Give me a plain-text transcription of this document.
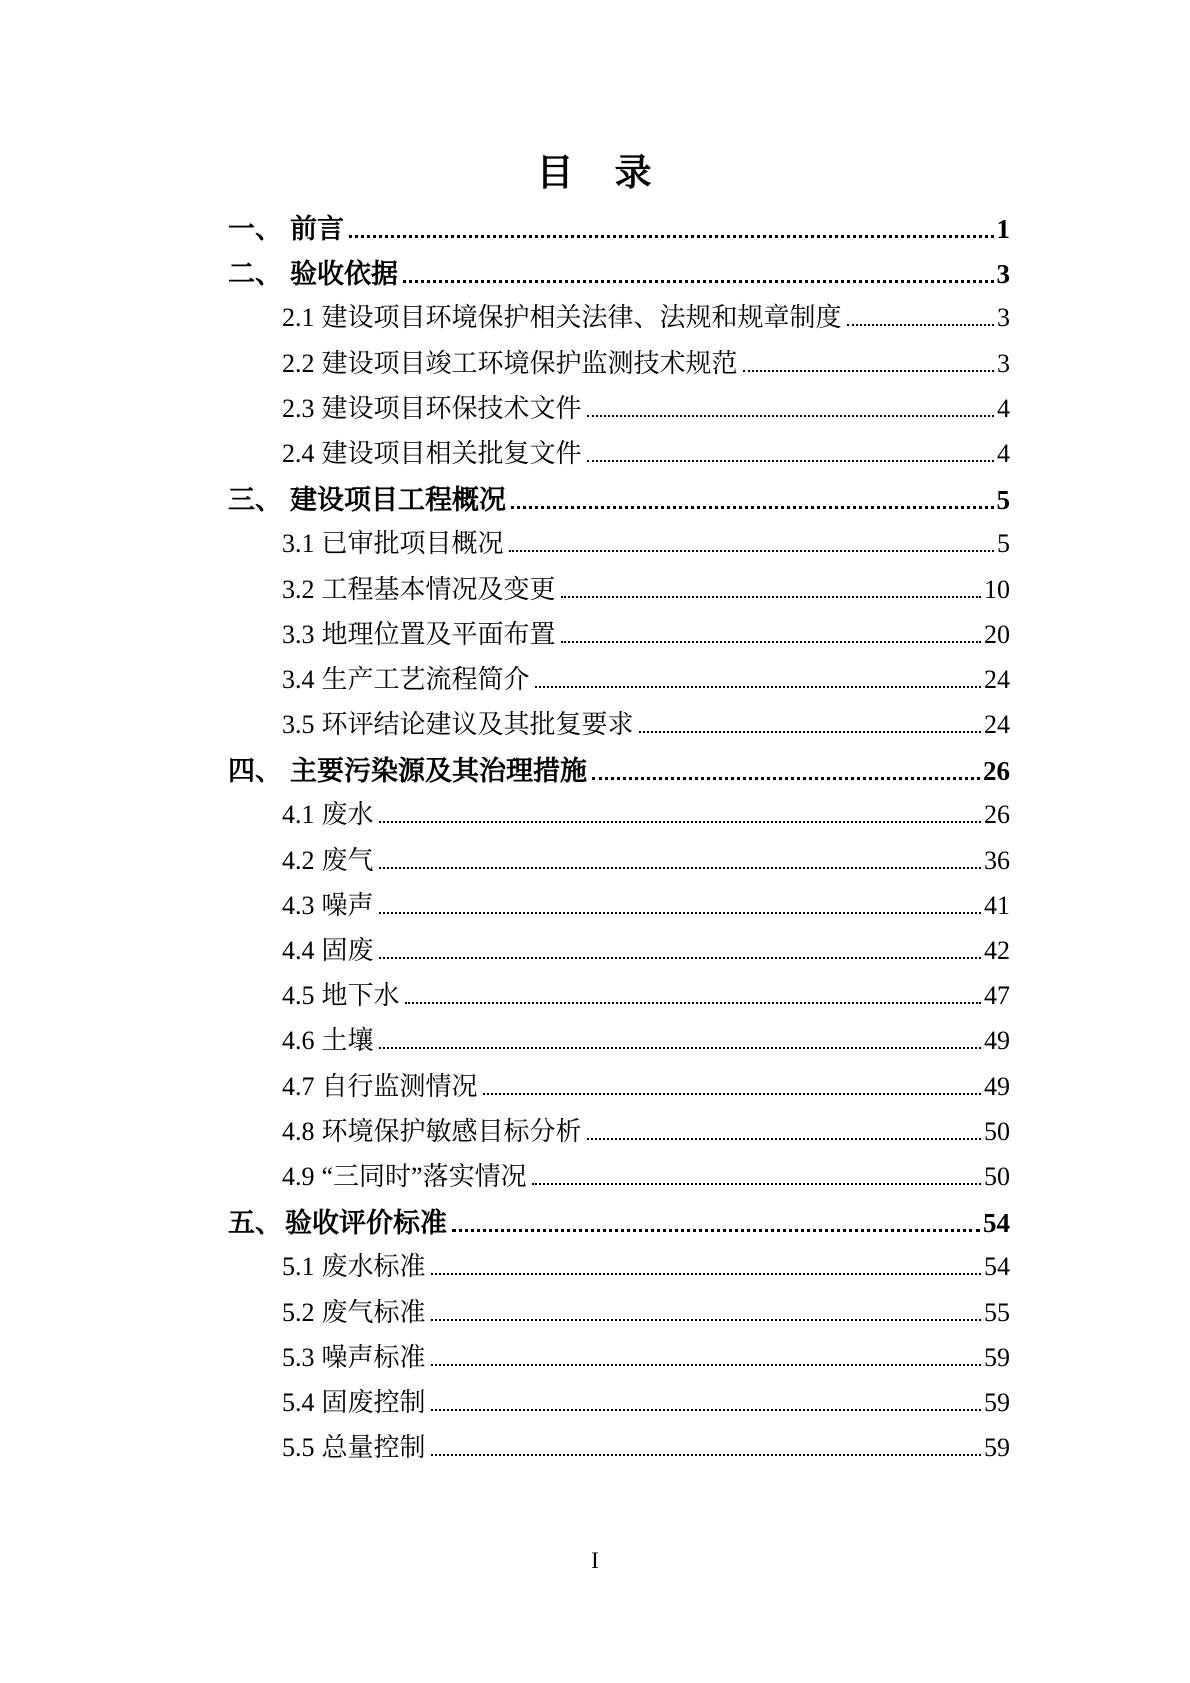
目　录
一、 前言	1
二、 验收依据	3
2.1 建设项目环境保护相关法律、法规和规章制度	3
2.2 建设项目竣工环境保护监测技术规范	3
2.3 建设项目环保技术文件	4
2.4 建设项目相关批复文件	4
三、 建设项目工程概况	5
3.1 已审批项目概况	5
3.2 工程基本情况及变更	10
3.3 地理位置及平面布置	20
3.4 生产工艺流程简介	24
3.5 环评结论建议及其批复要求	24
四、 主要污染源及其治理措施	26
4.1 废水	26
4.2 废气	36
4.3 噪声	41
4.4 固废	42
4.5 地下水	47
4.6 土壤	49
4.7 自行监测情况	49
4.8 环境保护敏感目标分析	50
4.9 “三同时”落实情况	50
五、 验收评价标准	54
5.1 废水标准	54
5.2 废气标准	55
5.3 噪声标准	59
5.4 固废控制	59
5.5 总量控制	59
I
